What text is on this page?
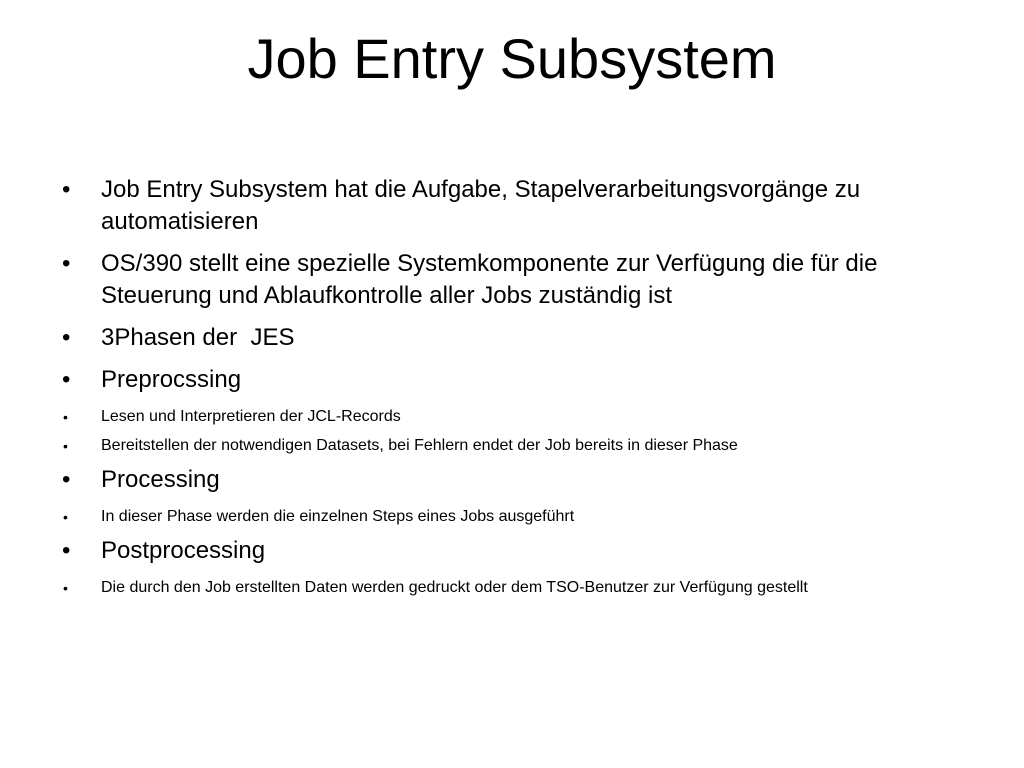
Job Entry Subsystem
• Job Entry Subsystem hat die Aufgabe, Stapelverarbeitungsvorgänge zu automatisieren
• OS/390 stellt eine spezielle Systemkomponente zur Verfügung die für die Steuerung und Ablaufkontrolle aller Jobs zuständig ist
• 3Phasen der  JES
• Preprocssing
• Lesen und Interpretieren der JCL-Records
• Bereitstellen der notwendigen Datasets, bei Fehlern endet der Job bereits in dieser Phase
• Processing
• In dieser Phase werden die einzelnen Steps eines Jobs ausgeführt
• Postprocessing
• Die durch den Job erstellten Daten werden gedruckt oder dem TSO-Benutzer zur Verfügung gestellt
